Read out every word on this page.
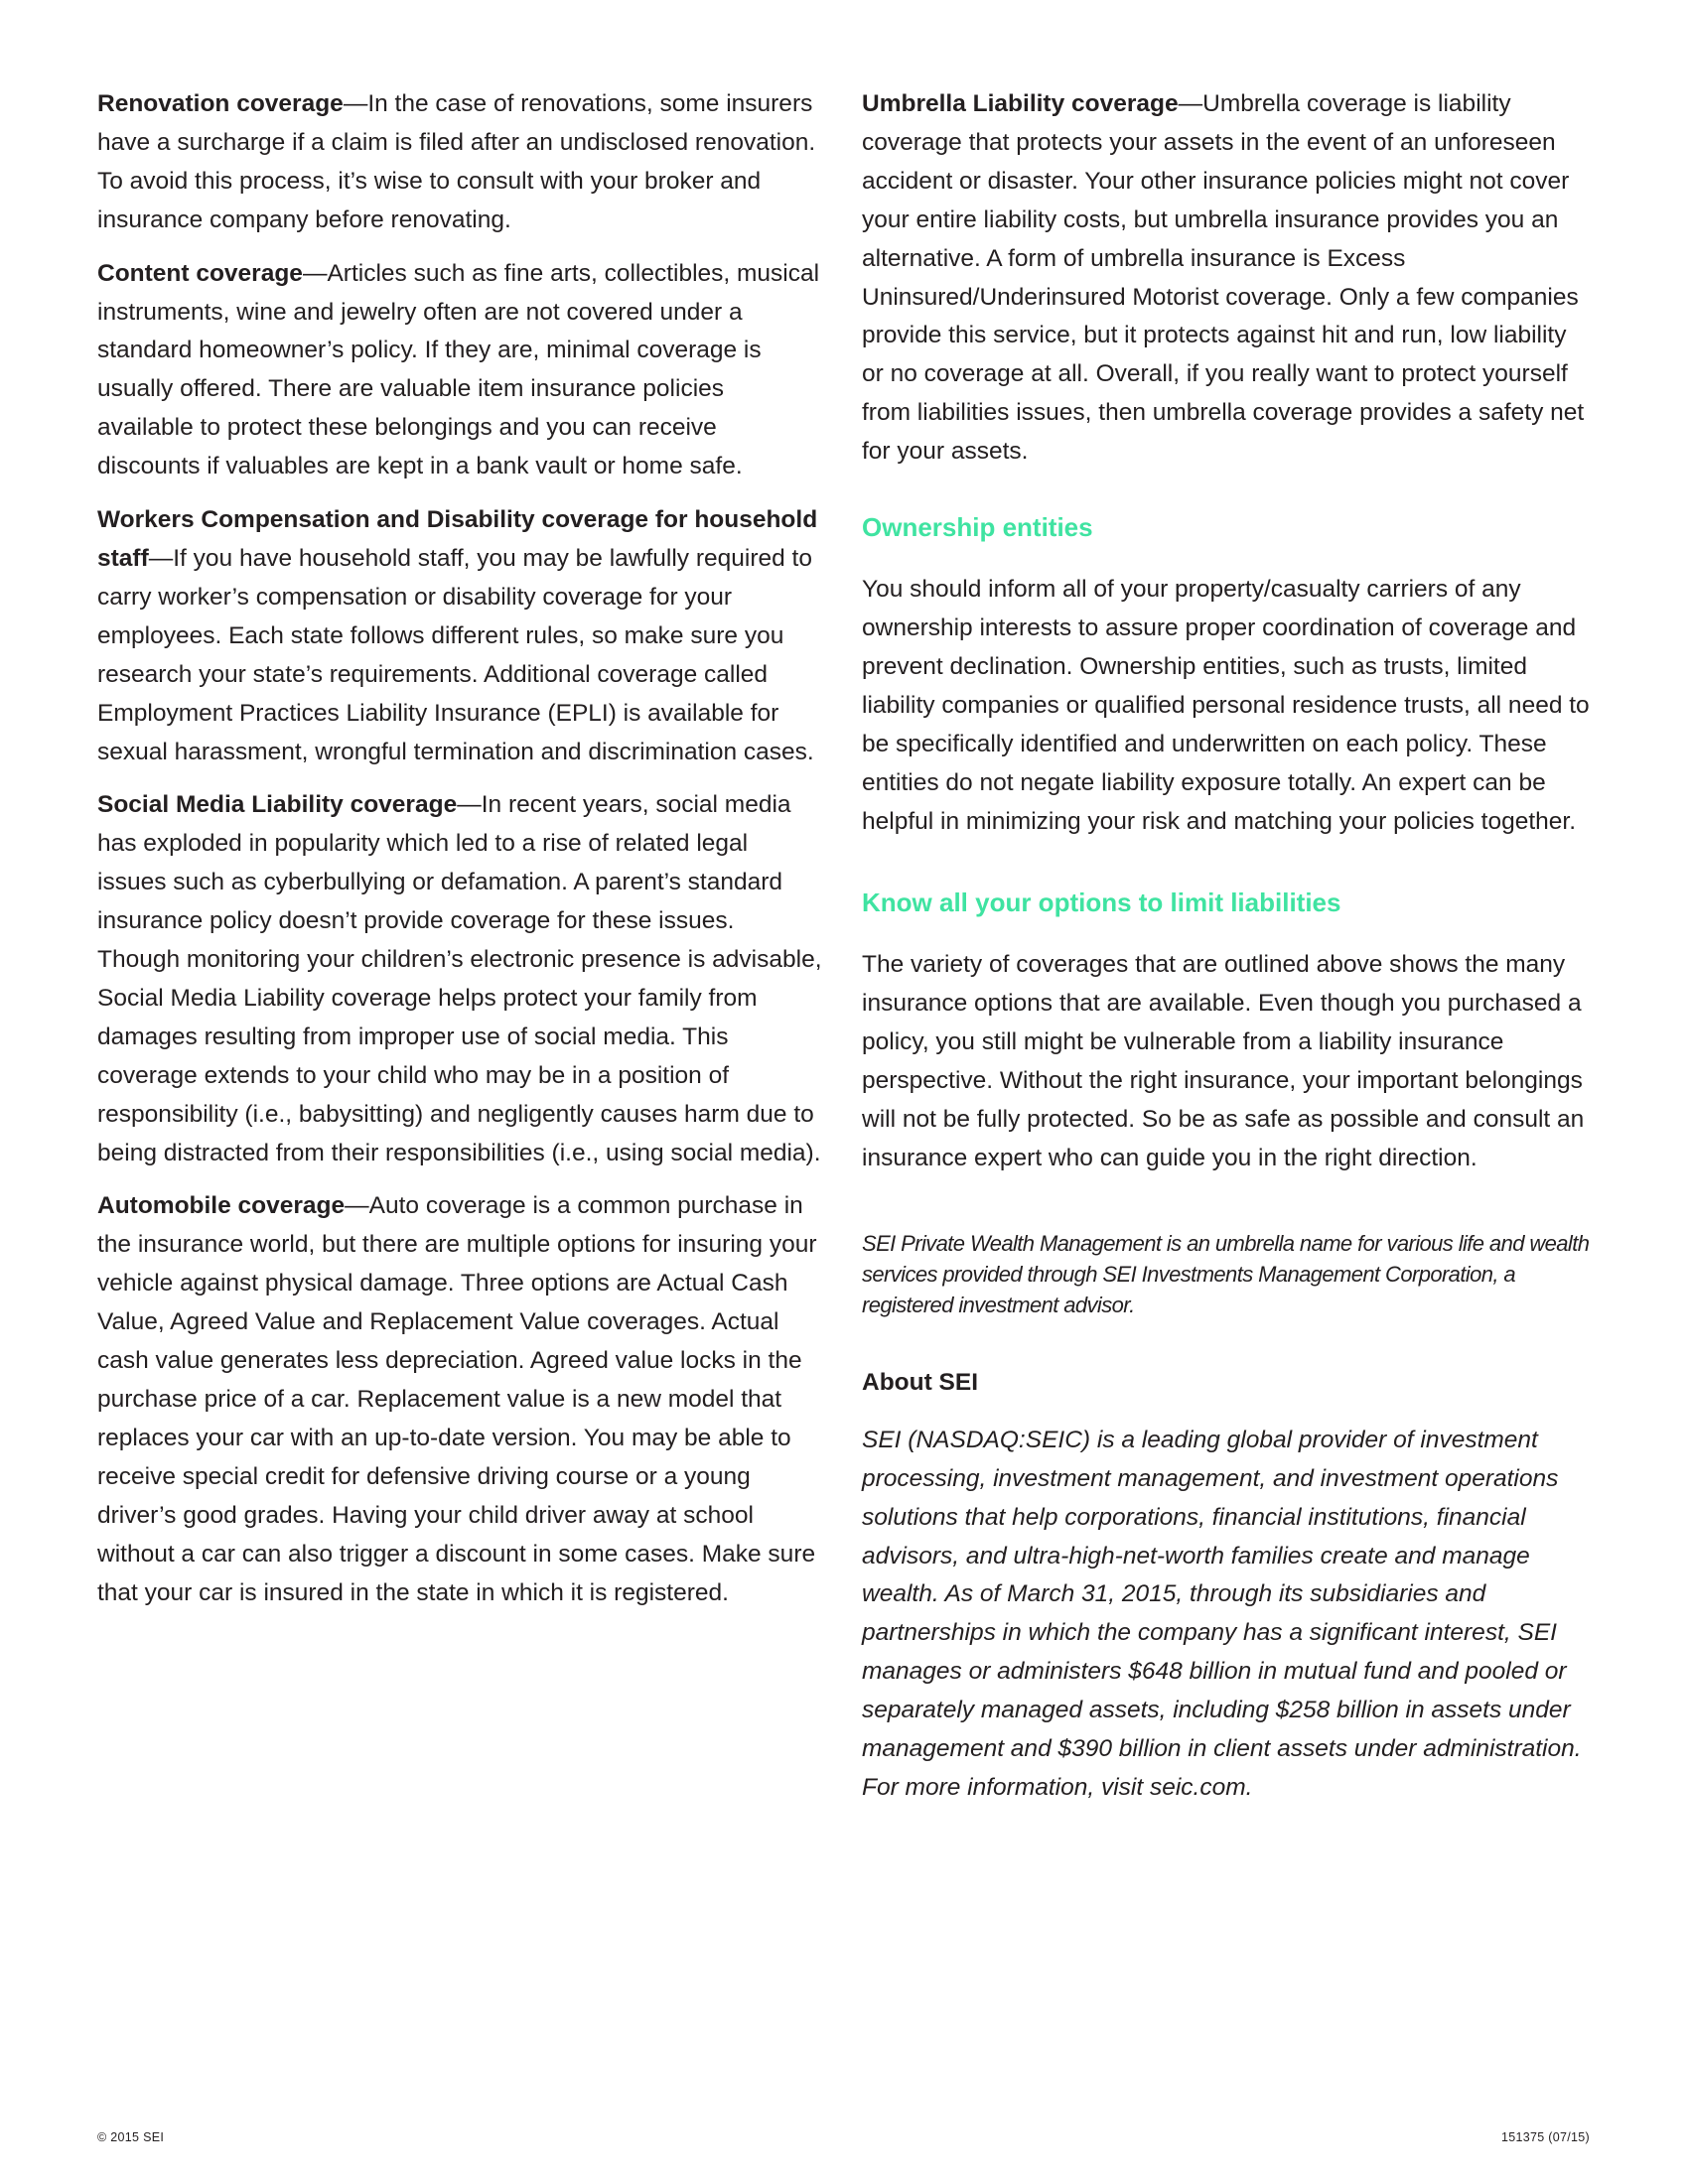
Renovation coverage—In the case of renovations, some insurers have a surcharge if a claim is filed after an undisclosed renovation. To avoid this process, it’s wise to consult with your broker and insurance company before renovating.

Content coverage—Articles such as fine arts, collectibles, musical instruments, wine and jewelry often are not covered under a standard homeowner’s policy. If they are, minimal coverage is usually offered. There are valuable item insurance policies available to protect these belongings and you can receive discounts if valuables are kept in a bank vault or home safe.

Workers Compensation and Disability coverage for household staff—If you have household staff, you may be lawfully required to carry worker’s compensation or disability coverage for your employees. Each state follows different rules, so make sure you research your state’s requirements. Additional coverage called Employment Practices Liability Insurance (EPLI) is available for sexual harassment, wrongful termination and discrimination cases.

Social Media Liability coverage—In recent years, social media has exploded in popularity which led to a rise of related legal issues such as cyberbullying or defamation. A parent’s standard insurance policy doesn’t provide coverage for these issues. Though monitoring your children’s electronic presence is advisable, Social Media Liability coverage helps protect your family from damages resulting from improper use of social media. This coverage extends to your child who may be in a position of responsibility (i.e., babysitting) and negligently causes harm due to being distracted from their responsibilities (i.e., using social media).

Automobile coverage—Auto coverage is a common purchase in the insurance world, but there are multiple options for insuring your vehicle against physical damage. Three options are Actual Cash Value, Agreed Value and Replacement Value coverages. Actual cash value generates less depreciation. Agreed value locks in the purchase price of a car. Replacement value is a new model that replaces your car with an up-to-date version. You may be able to receive special credit for defensive driving course or a young driver’s good grades. Having your child driver away at school without a car can also trigger a discount in some cases. Make sure that your car is insured in the state in which it is registered.

Umbrella Liability coverage—Umbrella coverage is liability coverage that protects your assets in the event of an unforeseen accident or disaster. Your other insurance policies might not cover your entire liability costs, but umbrella insurance provides you an alternative. A form of umbrella insurance is Excess Uninsured/Underinsured Motorist coverage. Only a few companies provide this service, but it protects against hit and run, low liability or no coverage at all. Overall, if you really want to protect yourself from liabilities issues, then umbrella coverage provides a safety net for your assets.

Ownership entities

You should inform all of your property/casualty carriers of any ownership interests to assure proper coordination of coverage and prevent declination. Ownership entities, such as trusts, limited liability companies or qualified personal residence trusts, all need to be specifically identified and underwritten on each policy. These entities do not negate liability exposure totally. An expert can be helpful in minimizing your risk and matching your policies together.

Know all your options to limit liabilities

The variety of coverages that are outlined above shows the many insurance options that are available. Even though you purchased a policy, you still might be vulnerable from a liability insurance perspective. Without the right insurance, your important belongings will not be fully protected. So be as safe as possible and consult an insurance expert who can guide you in the right direction.

SEI Private Wealth Management is an umbrella name for various life and wealth services provided through SEI Investments Management Corporation, a registered investment advisor.

About SEI

SEI (NASDAQ:SEIC) is a leading global provider of investment processing, investment management, and investment operations solutions that help corporations, financial institutions, financial advisors, and ultra-high-net-worth families create and manage wealth. As of March 31, 2015, through its subsidiaries and partnerships in which the company has a significant interest, SEI manages or administers $648 billion in mutual fund and pooled or separately managed assets, including $258 billion in assets under management and $390 billion in client assets under administration. For more information, visit seic.com.

© 2015 SEI	151375 (07/15)
